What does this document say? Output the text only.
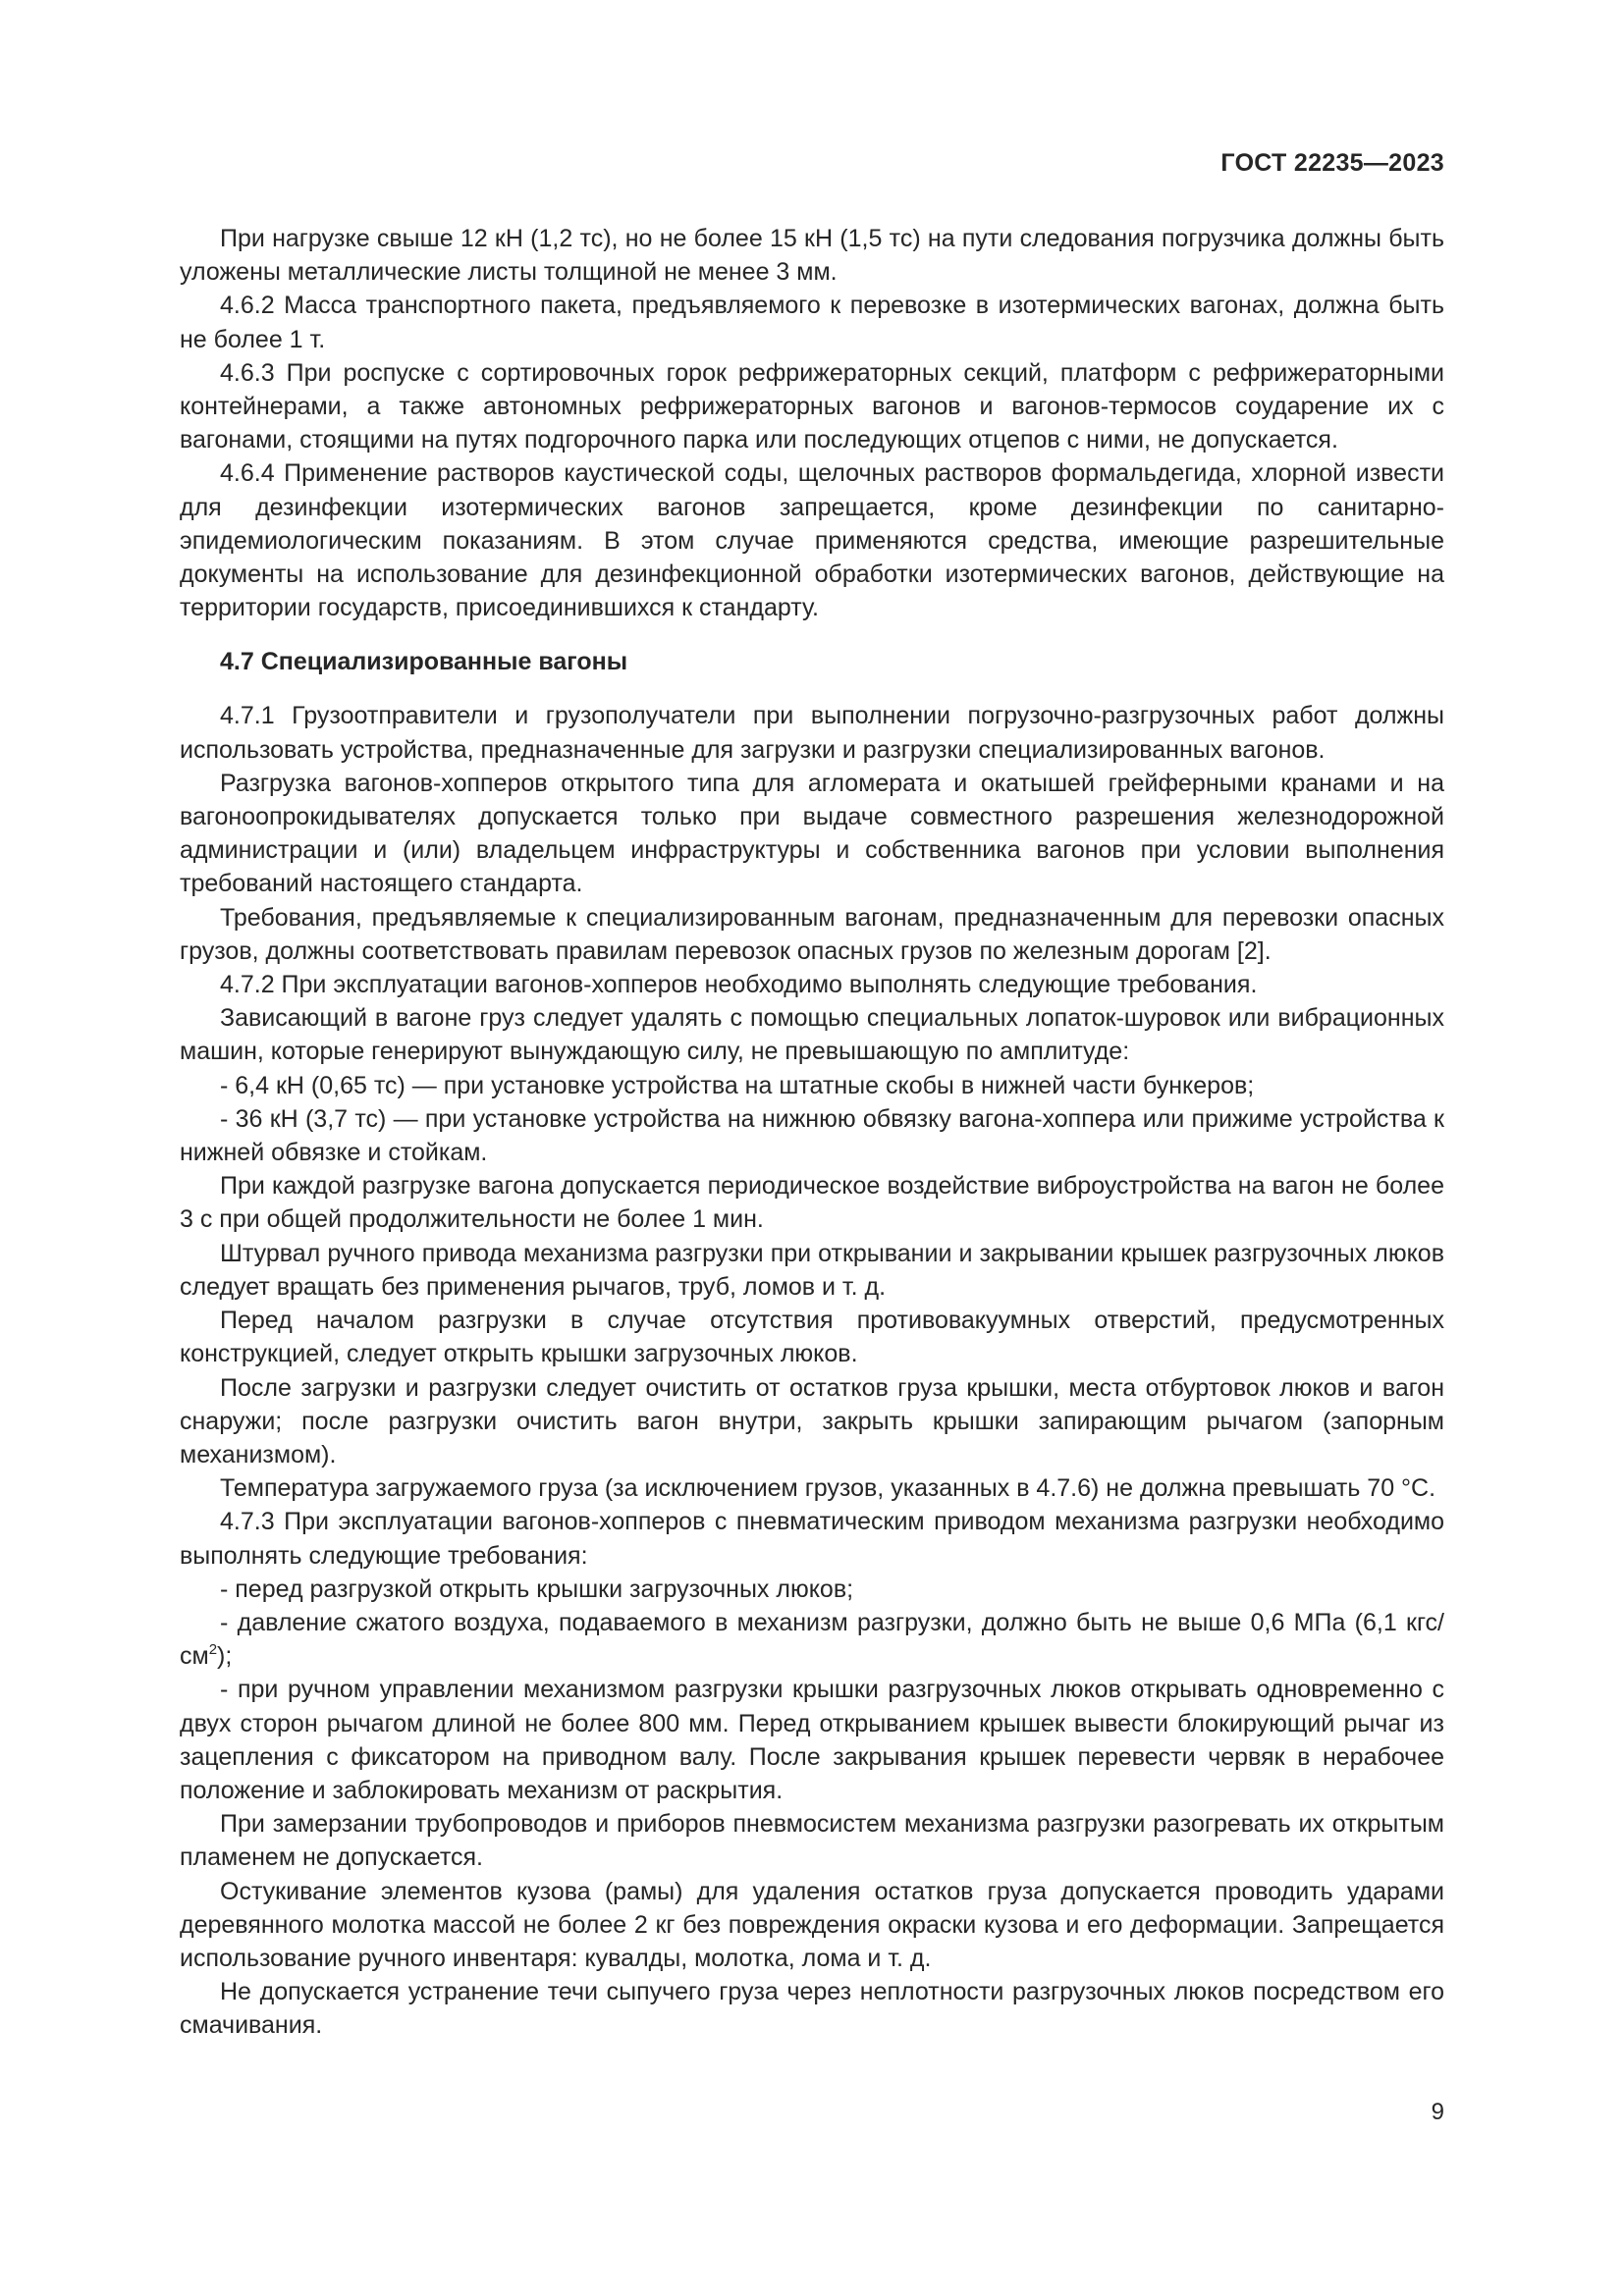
ГОСТ 22235—2023

При нагрузке свыше 12 кН (1,2 тс), но не более 15 кН (1,5 тс) на пути следования погрузчика должны быть уложены металлические листы толщиной не менее 3 мм.

4.6.2 Масса транспортного пакета, предъявляемого к перевозке в изотермических вагонах, должна быть не более 1 т.

4.6.3 При роспуске с сортировочных горок рефрижераторных секций, платформ с рефрижераторными контейнерами, а также автономных рефрижераторных вагонов и вагонов-термосов соударение их с вагонами, стоящими на путях подгорочного парка или последующих отцепов с ними, не допускается.

4.6.4 Применение растворов каустической соды, щелочных растворов формальдегида, хлорной извести для дезинфекции изотермических вагонов запрещается, кроме дезинфекции по санитарно-эпидемиологическим показаниям. В этом случае применяются средства, имеющие разрешительные документы на использование для дезинфекционной обработки изотермических вагонов, действующие на территории государств, присоединившихся к стандарту.

4.7 Специализированные вагоны

4.7.1 Грузоотправители и грузополучатели при выполнении погрузочно-разгрузочных работ должны использовать устройства, предназначенные для загрузки и разгрузки специализированных вагонов.

Разгрузка вагонов-хопперов открытого типа для агломерата и окатышей грейферными кранами и на вагоноопрокидывателях допускается только при выдаче совместного разрешения железнодорожной администрации и (или) владельцем инфраструктуры и собственника вагонов при условии выполнения требований настоящего стандарта.

Требования, предъявляемые к специализированным вагонам, предназначенным для перевозки опасных грузов, должны соответствовать правилам перевозок опасных грузов по железным дорогам [2].

4.7.2 При эксплуатации вагонов-хопперов необходимо выполнять следующие требования.

Зависающий в вагоне груз следует удалять с помощью специальных лопаток-шуровок или вибрационных машин, которые генерируют вынуждающую силу, не превышающую по амплитуде:

- 6,4 кН (0,65 тс) — при установке устройства на штатные скобы в нижней части бункеров;

- 36 кН (3,7 тс) — при установке устройства на нижнюю обвязку вагона-хоппера или прижиме устройства к нижней обвязке и стойкам.

При каждой разгрузке вагона допускается периодическое воздействие виброустройства на вагон не более 3 с при общей продолжительности не более 1 мин.

Штурвал ручного привода механизма разгрузки при открывании и закрывании крышек разгрузочных люков следует вращать без применения рычагов, труб, ломов и т. д.

Перед началом разгрузки в случае отсутствия противовакуумных отверстий, предусмотренных конструкцией, следует открыть крышки загрузочных люков.

После загрузки и разгрузки следует очистить от остатков груза крышки, места отбуртовок люков и вагон снаружи; после разгрузки очистить вагон внутри, закрыть крышки запирающим рычагом (запорным механизмом).

Температура загружаемого груза (за исключением грузов, указанных в 4.7.6) не должна превышать 70 °C.

4.7.3 При эксплуатации вагонов-хопперов с пневматическим приводом механизма разгрузки необходимо выполнять следующие требования:

- перед разгрузкой открыть крышки загрузочных люков;

- давление сжатого воздуха, подаваемого в механизм разгрузки, должно быть не выше 0,6 МПа (6,1 кгс/$см^2$);

- при ручном управлении механизмом разгрузки крышки разгрузочных люков открывать одновременно с двух сторон рычагом длиной не более 800 мм. Перед открыванием крышек вывести блокирующий рычаг из зацепления с фиксатором на приводном валу. После закрывания крышек перевести червяк в нерабочее положение и заблокировать механизм от раскрытия.

При замерзании трубопроводов и приборов пневмосистем механизма разгрузки разогревать их открытым пламенем не допускается.

Остукивание элементов кузова (рамы) для удаления остатков груза допускается проводить ударами деревянного молотка массой не более 2 кг без повреждения окраски кузова и его деформации. Запрещается использование ручного инвентаря: кувалды, молотка, лома и т. д.

Не допускается устранение течи сыпучего груза через неплотности разгрузочных люков посредством его смачивания.

9
